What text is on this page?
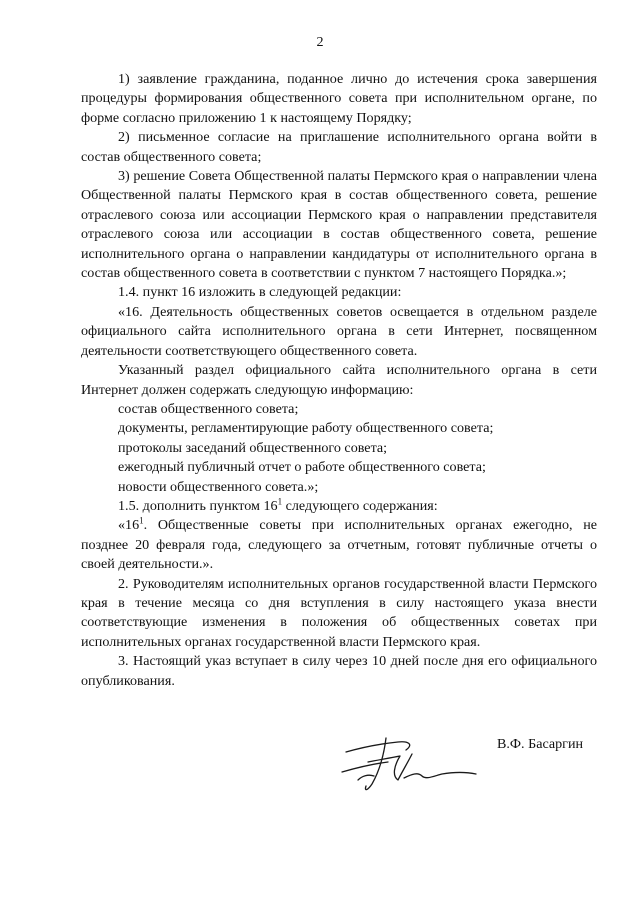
2

1) заявление гражданина, поданное лично до истечения срока завершения процедуры формирования общественного совета при исполнительном органе, по форме согласно приложению 1 к настоящему Порядку;

2) письменное согласие на приглашение исполнительного органа войти в состав общественного совета;

3) решение Совета Общественной палаты Пермского края о направлении члена Общественной палаты Пермского края в состав общественного совета, решение отраслевого союза или ассоциации Пермского края о направлении представителя отраслевого союза или ассоциации в состав общественного совета, решение исполнительного органа о направлении кандидатуры от исполнительного органа в состав общественного совета в соответствии с пунктом 7 настоящего Порядка.»;

1.4. пункт 16 изложить в следующей редакции:

«16. Деятельность общественных советов освещается в отдельном разделе официального сайта исполнительного органа в сети Интернет, посвященном деятельности соответствующего общественного совета.

Указанный раздел официального сайта исполнительного органа в сети Интернет должен содержать следующую информацию:

состав общественного совета;

документы, регламентирующие работу общественного совета;

протоколы заседаний общественного совета;

ежегодный публичный отчет о работе общественного совета;

новости общественного совета.»;

1.5. дополнить пунктом $16^1$ следующего содержания:

«$16^1$. Общественные советы при исполнительных органах ежегодно, не позднее 20 февраля года, следующего за отчетным, готовят публичные отчеты о своей деятельности.».

2. Руководителям исполнительных органов государственной власти Пермского края в течение месяца со дня вступления в силу настоящего указа внести соответствующие изменения в положения об общественных советах при исполнительных органах государственной власти Пермского края.

3. Настоящий указ вступает в силу через 10 дней после дня его официального опубликования.

В.Ф. Басаргин
